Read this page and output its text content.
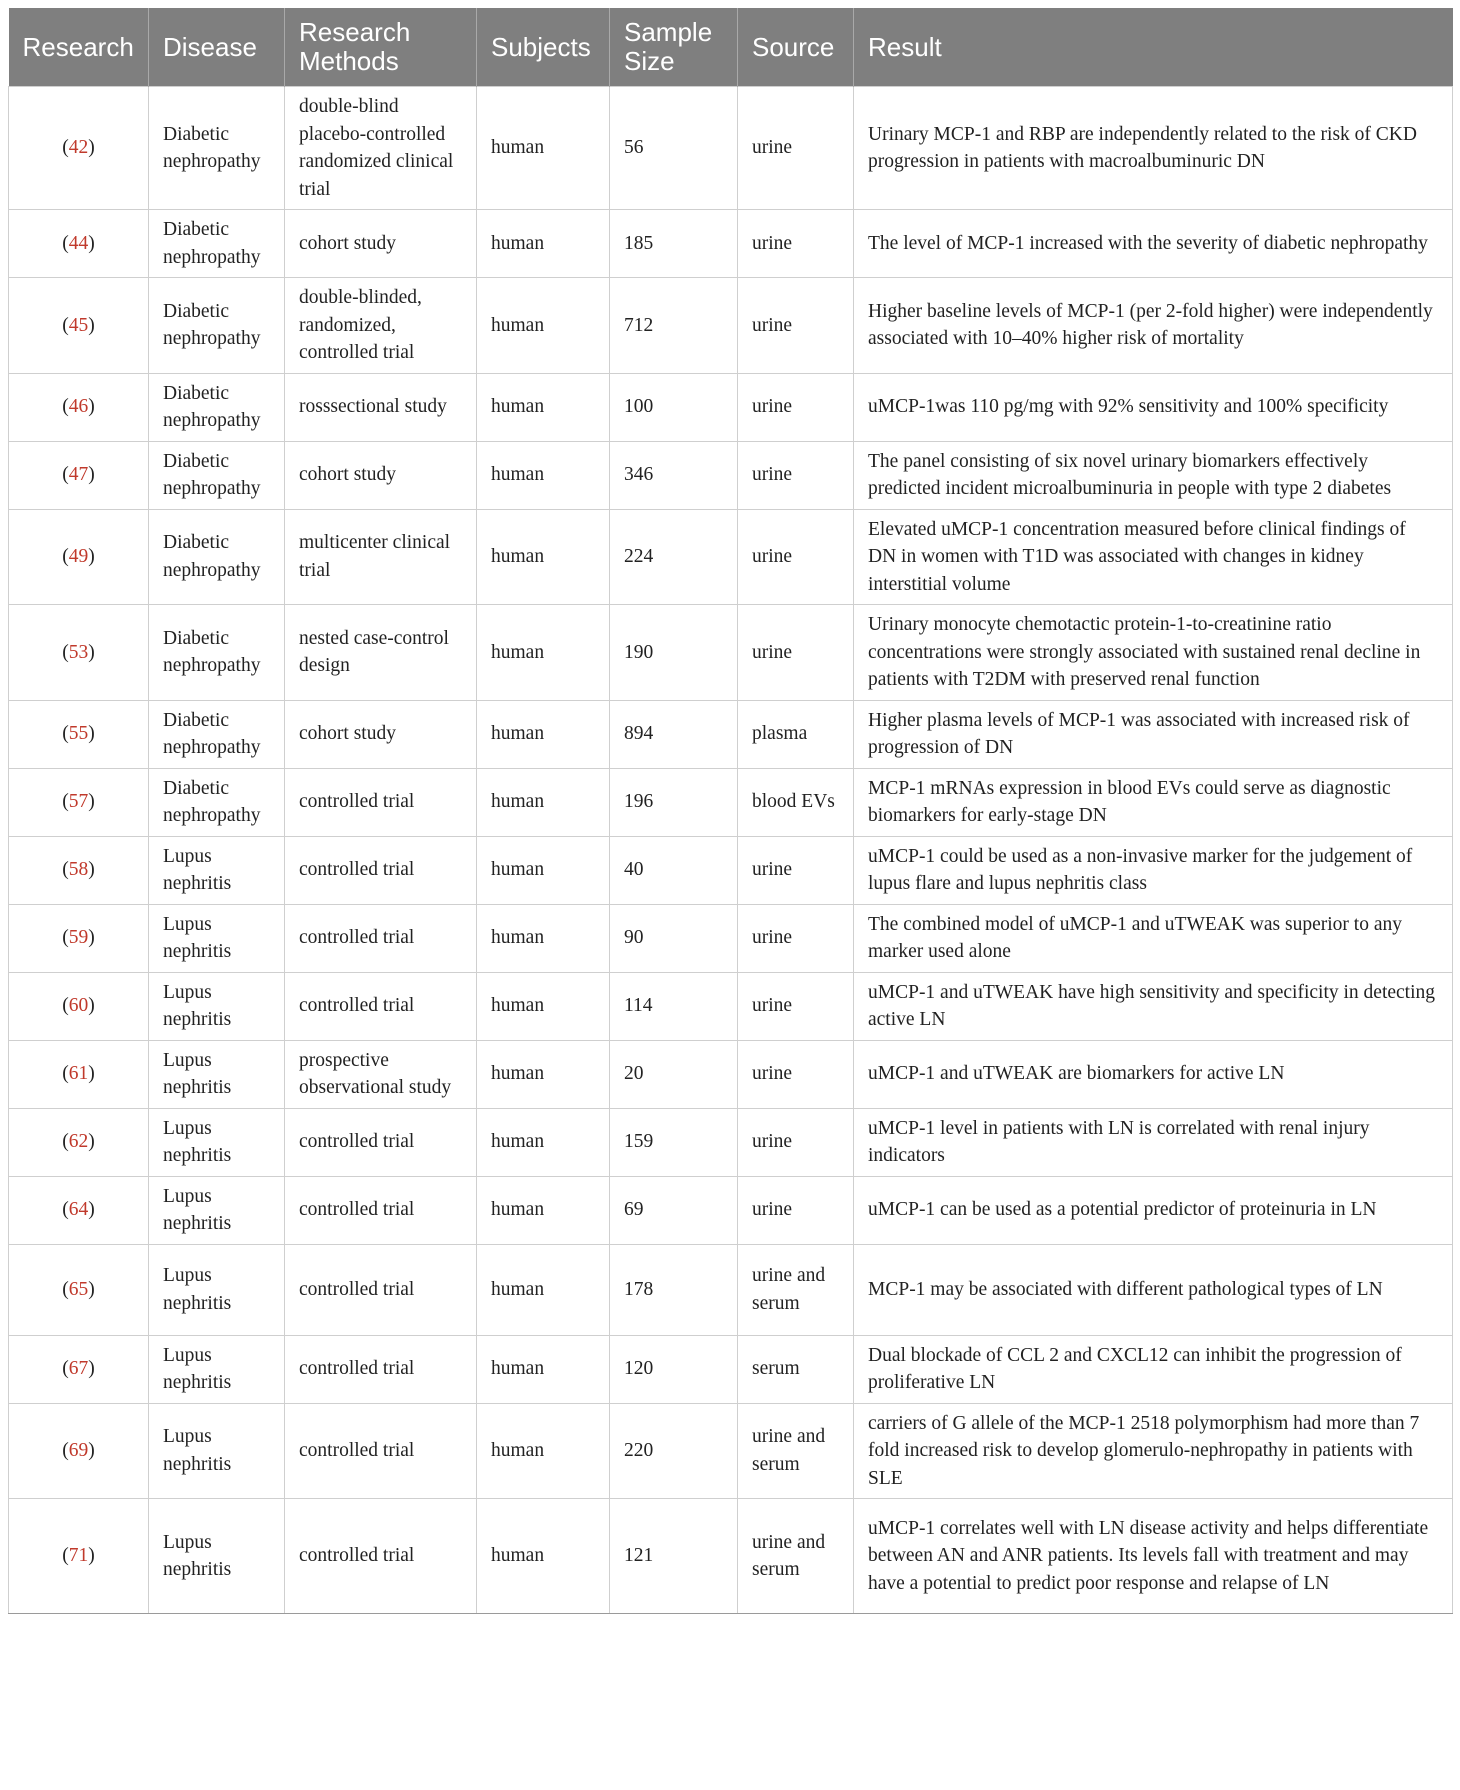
Research	Disease	Research Methods	Subjects	Sample Size	Source	Result
(42)	Diabetic nephropathy	double-blind placebo-controlled randomized clinical trial	human	56	urine	Urinary MCP-1 and RBP are independently related to the risk of CKD progression in patients with macroalbuminuric DN
(44)	Diabetic nephropathy	cohort study	human	185	urine	The level of MCP-1 increased with the severity of diabetic nephropathy
(45)	Diabetic nephropathy	double-blinded, randomized, controlled trial	human	712	urine	Higher baseline levels of MCP-1 (per 2-fold higher) were independently associated with 10–40% higher risk of mortality
(46)	Diabetic nephropathy	rosssectional study	human	100	urine	uMCP-1was 110 pg/mg with 92% sensitivity and 100% specificity
(47)	Diabetic nephropathy	cohort study	human	346	urine	The panel consisting of six novel urinary biomarkers effectively predicted incident microalbuminuria in people with type 2 diabetes
(49)	Diabetic nephropathy	multicenter clinical trial	human	224	urine	Elevated uMCP-1 concentration measured before clinical findings of DN in women with T1D was associated with changes in kidney interstitial volume
(53)	Diabetic nephropathy	nested case-control design	human	190	urine	Urinary monocyte chemotactic protein-1-to-creatinine ratio concentrations were strongly associated with sustained renal decline in patients with T2DM with preserved renal function
(55)	Diabetic nephropathy	cohort study	human	894	plasma	Higher plasma levels of MCP-1 was associated with increased risk of progression of DN
(57)	Diabetic nephropathy	controlled trial	human	196	blood EVs	MCP-1 mRNAs expression in blood EVs could serve as diagnostic biomarkers for early-stage DN
(58)	Lupus nephritis	controlled trial	human	40	urine	uMCP-1 could be used as a non-invasive marker for the judgement of lupus flare and lupus nephritis class
(59)	Lupus nephritis	controlled trial	human	90	urine	The combined model of uMCP-1 and uTWEAK was superior to any marker used alone
(60)	Lupus nephritis	controlled trial	human	114	urine	uMCP-1 and uTWEAK have high sensitivity and specificity in detecting active LN
(61)	Lupus nephritis	prospective observational study	human	20	urine	uMCP-1 and uTWEAK are biomarkers for active LN
(62)	Lupus nephritis	controlled trial	human	159	urine	uMCP-1 level in patients with LN is correlated with renal injury indicators
(64)	Lupus nephritis	controlled trial	human	69	urine	uMCP-1 can be used as a potential predictor of proteinuria in LN
(65)	Lupus nephritis	controlled trial	human	178	urine and serum	MCP-1 may be associated with different pathological types of LN
(67)	Lupus nephritis	controlled trial	human	120	serum	Dual blockade of CCL 2 and CXCL12 can inhibit the progression of proliferative LN
(69)	Lupus nephritis	controlled trial	human	220	urine and serum	carriers of G allele of the MCP-1 2518 polymorphism had more than 7 fold increased risk to develop glomerulo-nephropathy in patients with SLE
(71)	Lupus nephritis	controlled trial	human	121	urine and serum	uMCP-1 correlates well with LN disease activity and helps differentiate between AN and ANR patients. Its levels fall with treatment and may have a potential to predict poor response and relapse of LN
